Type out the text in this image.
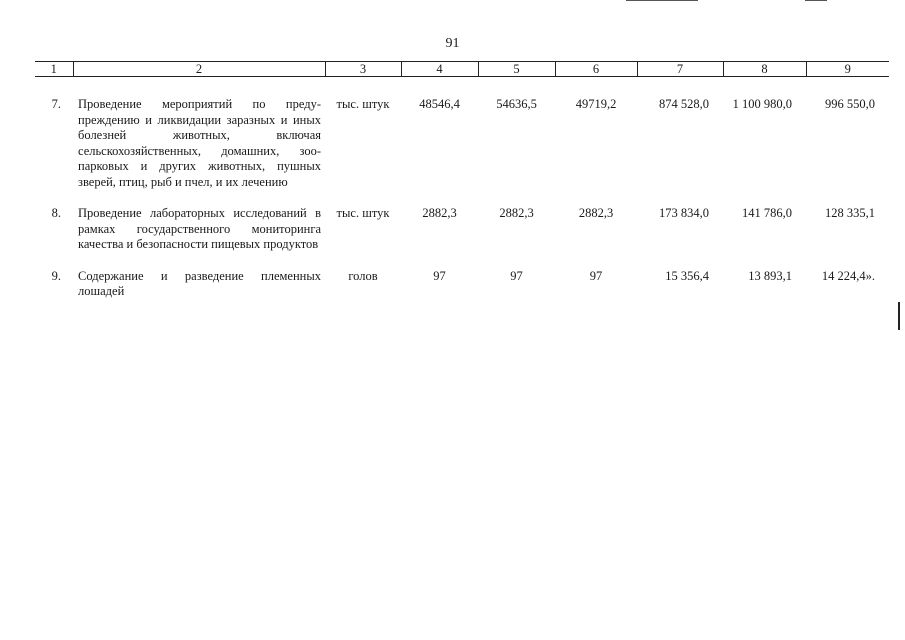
91
1	2	3	4	5	6	7	8	9
7.	Проведение мероприятий по предупреждению и ликвидации заразных и иных болезней животных, включая сельскохозяйственных, домашних, зоопарковых и других животных, пушных зверей, птиц, рыб и пчел, и их лечению	тыс. штук	48546,4	54636,5	49719,2	874 528,0	1 100 980,0	996 550,0
8.	Проведение лабораторных исследований в рамках государственного мониторинга качества и безопасности пищевых продуктов	тыс. штук	2882,3	2882,3	2882,3	173 834,0	141 786,0	128 335,1
9.	Содержание и разведение племенных лошадей	голов	97	97	97	15 356,4	13 893,1	14 224,4».
